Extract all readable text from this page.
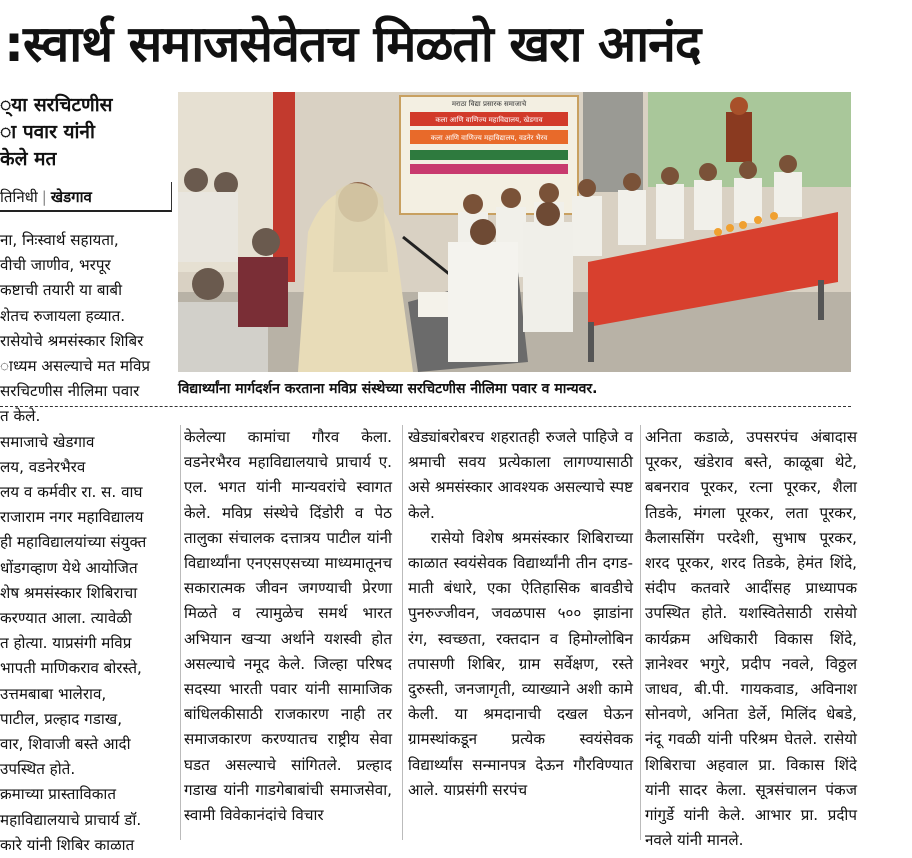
:स्वार्थ समाजसेवेतच मिळतो खरा आनंद
्या सरचिटणीस
ा पवार यांनी
केले मत
तिनिधी | खेडगाव
मराठा विद्या प्रसारक समाजाचे
कला आणि वाणिज्य महाविद्यालय, खेडगाव
कला आणि वाणिज्य महाविद्यालय, वडनेर भैरव
विद्यार्थ्यांना मार्गदर्शन करताना मविप्र संस्थेच्या सरचिटणीस नीलिमा पवार व मान्यवर.
ना, निःस्वार्थ सहायता,
वीची जाणीव, भरपूर
कष्टाची तयारी या बाबी
शेतच रुजायला हव्यात.
रासेयोचे श्रमसंस्कार शिबिर
ाध्यम असल्याचे मत मविप्र
सरचिटणीस नीलिमा पवार
त केले.
समाजाचे खेडगाव
लय, वडनेरभैरव
लय व कर्मवीर रा. स. वाघ
राजाराम नगर महाविद्यालय
ही महाविद्यालयांच्या संयुक्त
धोंडगव्हाण येथे आयोजित
शेष श्रमसंस्कार शिबिराचा
करण्यात आला. त्यावेळी
त होत्या. याप्रसंगी मविप्र
भापती माणिकराव बोरस्ते,
उत्तमबाबा भालेराव,
पाटील, प्रल्हाद गडाख,
वार, शिवाजी बस्ते आदी
उपस्थित होते.
क्रमाच्या प्रास्ताविकात
महाविद्यालयाचे प्राचार्य डॉ.
कारे यांनी शिबिर काळात

केलेल्या कामांचा गौरव केला. वडनेरभैरव महाविद्यालयाचे प्राचार्य ए. एल. भगत यांनी मान्यवरांचे स्वागत केले. मविप्र संस्थेचे दिंडोरी व पेठ तालुका संचालक दत्तात्रय पाटील यांनी विद्यार्थ्यांना एनएसएसच्या माध्यमातूनच सकारात्मक जीवन जगण्याची प्रेरणा मिळते व त्यामुळेच समर्थ भारत अभियान खऱ्या अर्थाने यशस्वी होत असल्याचे नमूद केले. जिल्हा परिषद सदस्या भारती पवार यांनी सामाजिक बांधिलकीसाठी राजकारण नाही तर समाजकारण करण्यातच राष्ट्रीय सेवा घडत असल्याचे सांगितले. प्रल्हाद गडाख यांनी गाडगेबाबांची समाजसेवा, स्वामी विवेकानंदांचे विचार

खेड्यांबरोबरच शहरातही रुजले पाहिजे व श्रमाची सवय प्रत्येकाला लागण्यासाठी असे श्रमसंस्कार आवश्यक असल्याचे स्पष्ट केले.

रासेयो विशेष श्रमसंस्कार शिबिराच्या काळात स्वयंसेवक विद्यार्थ्यांनी तीन दगड-माती बंधारे, एका ऐतिहासिक बावडीचे पुनरुज्जीवन, जवळपास ५०० झाडांना रंग, स्वच्छता, रक्तदान व हिमोग्लोबिन तपासणी शिबिर, ग्राम सर्वेक्षण, रस्ते दुरुस्ती, जनजागृती, व्याख्याने अशी कामे केली. या श्रमदानाची दखल घेऊन ग्रामस्थांकडून प्रत्येक स्वयंसेवक विद्यार्थ्यांस सन्मानपत्र देऊन गौरविण्यात आले. याप्रसंगी सरपंच

अनिता कडाळे, उपसरपंच अंबादास पूरकर, खंडेराव बस्ते, काळूबा थेटे, बबनराव पूरकर, रत्ना पूरकर, शैला तिडके, मंगला पूरकर, लता पूरकर, कैलाससिंग परदेशी, सुभाष पूरकर, शरद पूरकर, शरद तिडके, हेमंत शिंदे, संदीप कतवारे आदींसह प्राध्यापक उपस्थित होते. यशस्वितेसाठी रासेयो कार्यक्रम अधिकारी विकास शिंदे, ज्ञानेश्वर भगुरे, प्रदीप नवले, विठ्ठल जाधव, बी.पी. गायकवाड, अविनाश सोनवणे, अनिता डेर्ले, मिलिंद धेबडे, नंदू गवळी यांनी परिश्रम घेतले. रासेयो शिबिराचा अहवाल प्रा. विकास शिंदे यांनी सादर केला. सूत्रसंचालन पंकज गांगुर्डे यांनी केले. आभार प्रा. प्रदीप नवले यांनी मानले.
